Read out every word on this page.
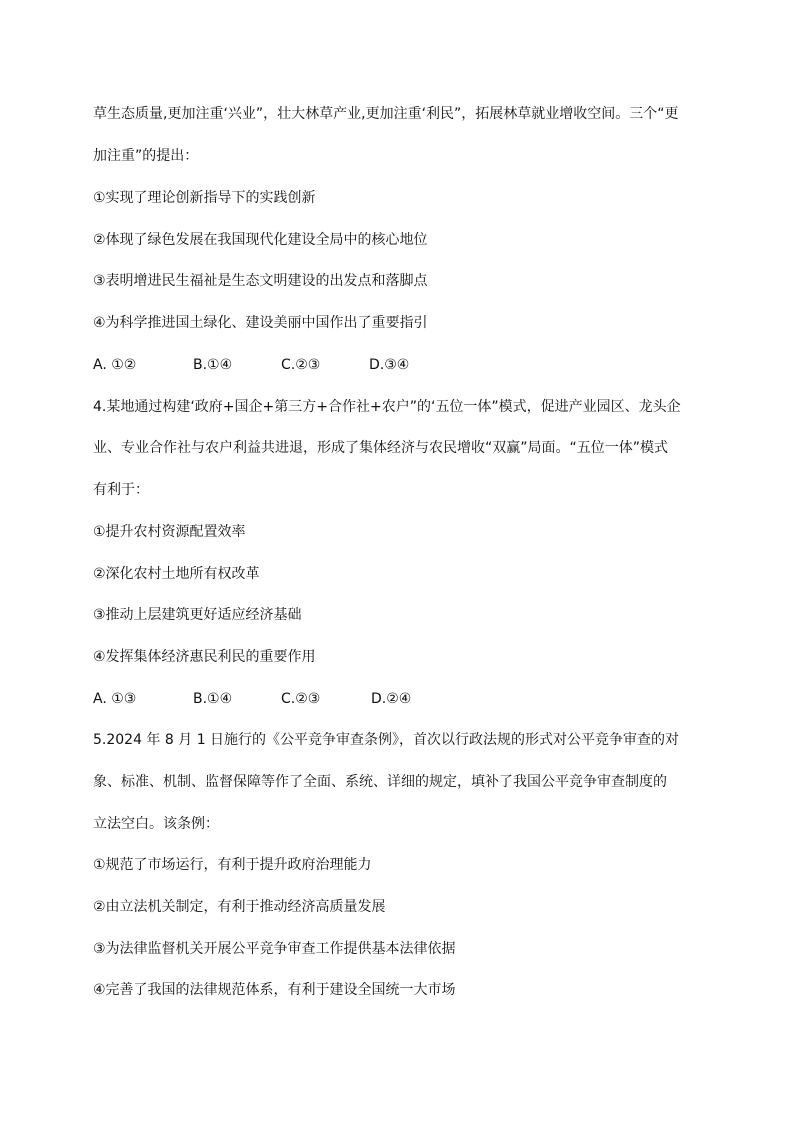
草生态质量,更加注重‘兴业”，壮大林草产业,更加注重‘利民”，拓展林草就业增收空间。三个“更
加注重”的提出：
①实现了理论创新指导下的实践创新
②体现了绿色发展在我国现代化建设全局中的核心地位
③表明增进民生福祉是生态文明建设的出发点和落脚点
④为科学推进国土绿化、建设美丽中国作出了重要指引
A. ①②	B.①④	C.②③	D.③④
4.某地通过构建‘政府+国企+第三方+合作社+农户”的‘五位一体”模式，促进产业园区、龙头企
业、专业合作社与农户利益共进退，形成了集体经济与农民增收“双赢”局面。“五位一体”模式
有利于：
①提升农村资源配置效率
②深化农村土地所有权改革
③推动上层建筑更好适应经济基础
④发挥集体经济惠民利民的重要作用
A. ①③	B.①④	C.②③	D.②④
5.2024 年 8 月 1 日施行的《公平竞争审查条例》，首次以行政法规的形式对公平竞争审查的对
象、标准、机制、监督保障等作了全面、系统、详细的规定，填补了我国公平竞争审查制度的
立法空白。该条例：
①规范了市场运行，有利于提升政府治理能力
②由立法机关制定，有利于推动经济高质量发展
③为法律监督机关开展公平竞争审查工作提供基本法律依据
④完善了我国的法律规范体系，有利于建设全国统一大市场
